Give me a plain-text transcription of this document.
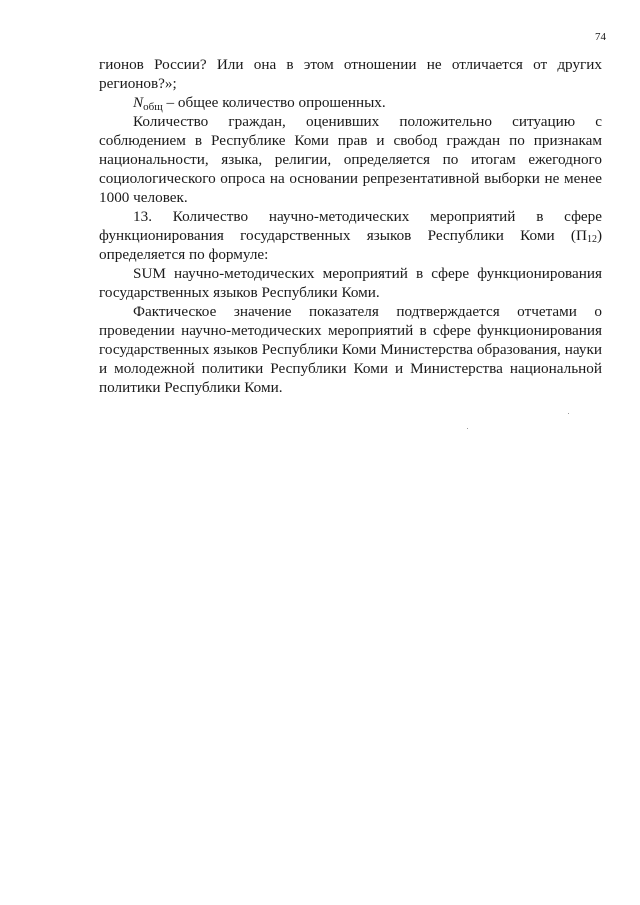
74

гионов России? Или она в этом отношении не отличается от других регионов?»;

$N_{общ}$ – общее количество опрошенных.

Количество граждан, оценивших положительно ситуацию с соблюдением в Республике Коми прав и свобод граждан по признакам национальности, языка, религии, определяется по итогам ежегодного социологического опроса на основании репрезентативной выборки не менее 1000 человек.

13. Количество научно-методических мероприятий в сфере функционирования государственных языков Республики Коми $(П_{12})$ определяется по формуле:

SUM научно-методических мероприятий в сфере функционирования государственных языков Республики Коми.

Фактическое значение показателя подтверждается отчетами о проведении научно-методических мероприятий в сфере функционирования государственных языков Республики Коми Министерства образования, науки и молодежной политики Республики Коми и Министерства национальной политики Республики Коми.
